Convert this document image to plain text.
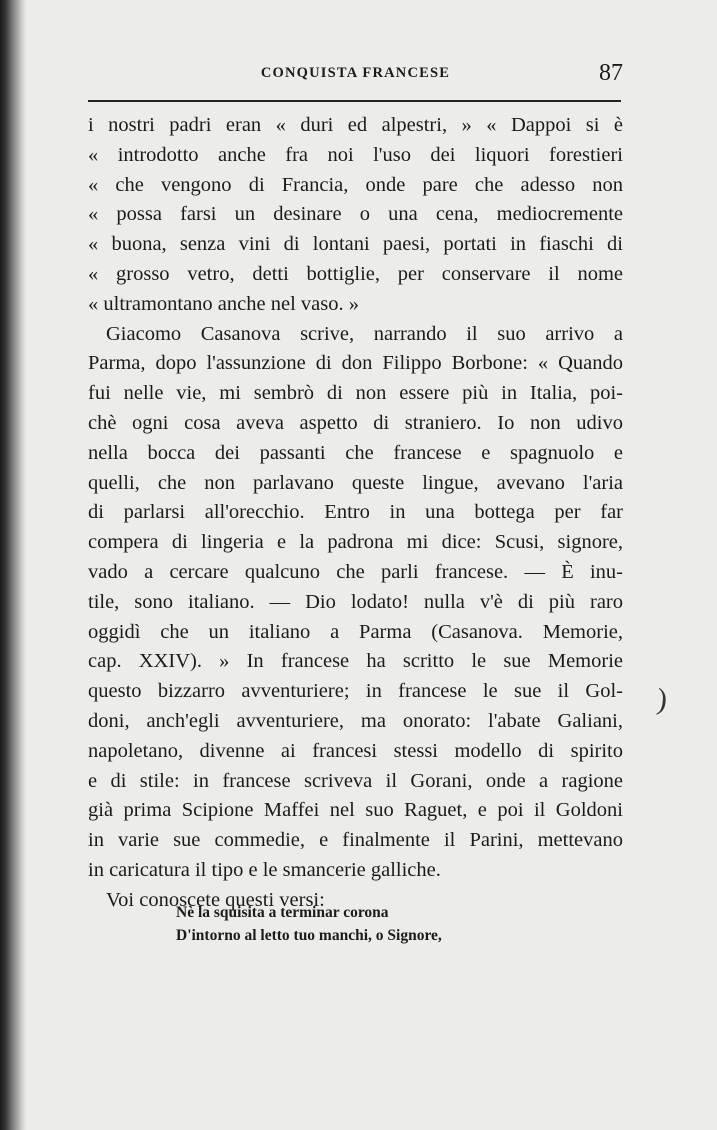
CONQUISTA FRANCESE	87
i nostri padri eran « duri ed alpestri, » « Dappoi si è
« introdotto anche fra noi l'uso dei liquori forestieri
« che vengono di Francia, onde pare che adesso non
« possa farsi un desinare o una cena, mediocremente
« buona, senza vini di lontani paesi, portati in fiaschi di
« grosso vetro, detti bottiglie, per conservare il nome
« ultramontano anche nel vaso. »
Giacomo Casanova scrive, narrando il suo arrivo a
Parma, dopo l'assunzione di don Filippo Borbone: « Quando
fui nelle vie, mi sembrò di non essere più in Italia, poi-
chè ogni cosa aveva aspetto di straniero. Io non udivo
nella bocca dei passanti che francese e spagnuolo e
quelli, che non parlavano queste lingue, avevano l'aria
di parlarsi all'orecchio. Entro in una bottega per far
compera di lingeria e la padrona mi dice: Scusi, signore,
vado a cercare qualcuno che parli francese. — È inu-
tile, sono italiano. — Dio lodato! nulla v'è di più raro
oggidì che un italiano a Parma (Casanova. Memorie,
cap. XXIV). » In francese ha scritto le sue Memorie
questo bizzarro avventuriere; in francese le sue il Gol-
doni, anch'egli avventuriere, ma onorato: l'abate Galiani,
napoletano, divenne ai francesi stessi modello di spirito
e di stile: in francese scriveva il Gorani, onde a ragione
già prima Scipione Maffei nel suo Raguet, e poi il Goldoni
in varie sue commedie, e finalmente il Parini, mettevano
in caricatura il tipo e le smancerie galliche.
Voi conoscete questi versi:
Nè la squisita a terminar corona
D'intorno al letto tuo manchi, o Signore,
)
